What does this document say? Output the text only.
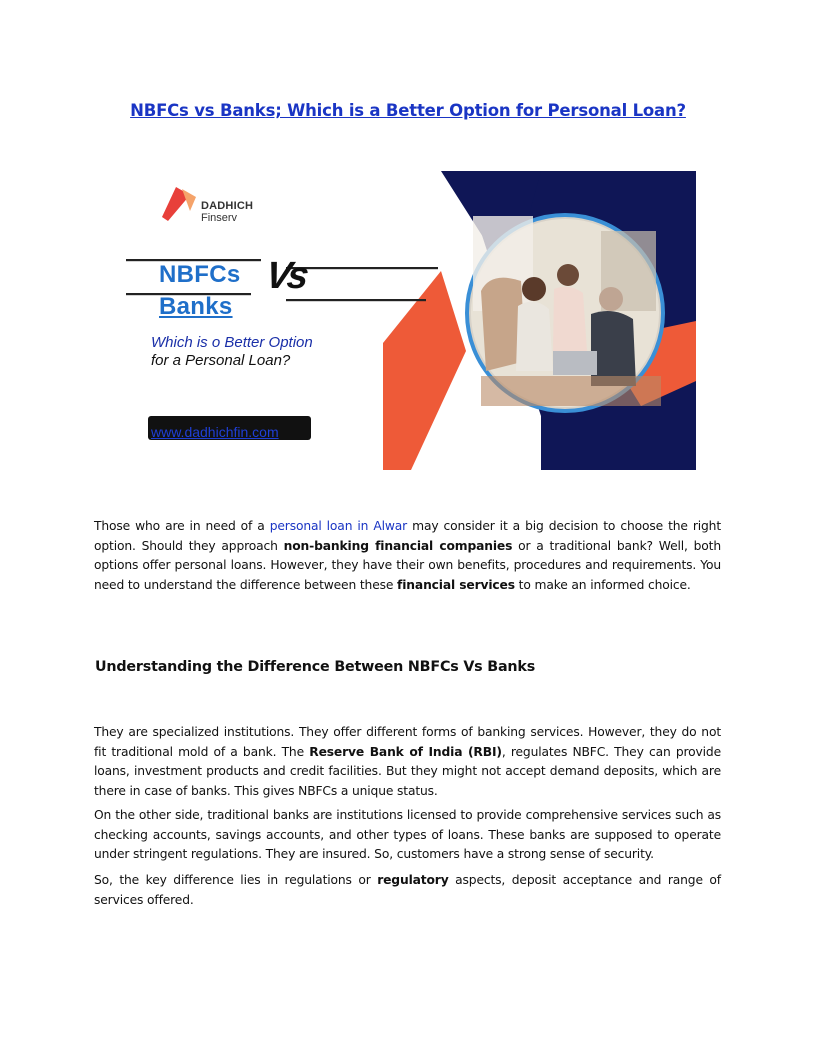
NBFCs vs Banks; Which is a Better Option for Personal Loan?
DADHICH
Finserv
NBFCs Vs
Banks
Which is o Better Option
for a Personal Loan?
www.dadhichfin.com
Those who are in need of a personal loan in Alwar may consider it a big decision to choose the right option. Should they approach non-banking financial companies or a traditional bank? Well, both options offer personal loans. However, they have their own benefits, procedures and requirements. You need to understand the difference between these financial services to make an informed choice.
Understanding the Difference Between NBFCs Vs Banks
They are specialized institutions. They offer different forms of banking services. However, they do not fit traditional mold of a bank. The Reserve Bank of India (RBI), regulates NBFC. They can provide loans, investment products and credit facilities. But they might not accept demand deposits, which are there in case of banks. This gives NBFCs a unique status.
On the other side, traditional banks are institutions licensed to provide comprehensive services such as checking accounts, savings accounts, and other types of loans. These banks are supposed to operate under stringent regulations. They are insured. So, customers have a strong sense of security.
So, the key difference lies in regulations or regulatory aspects, deposit acceptance and range of services offered.
